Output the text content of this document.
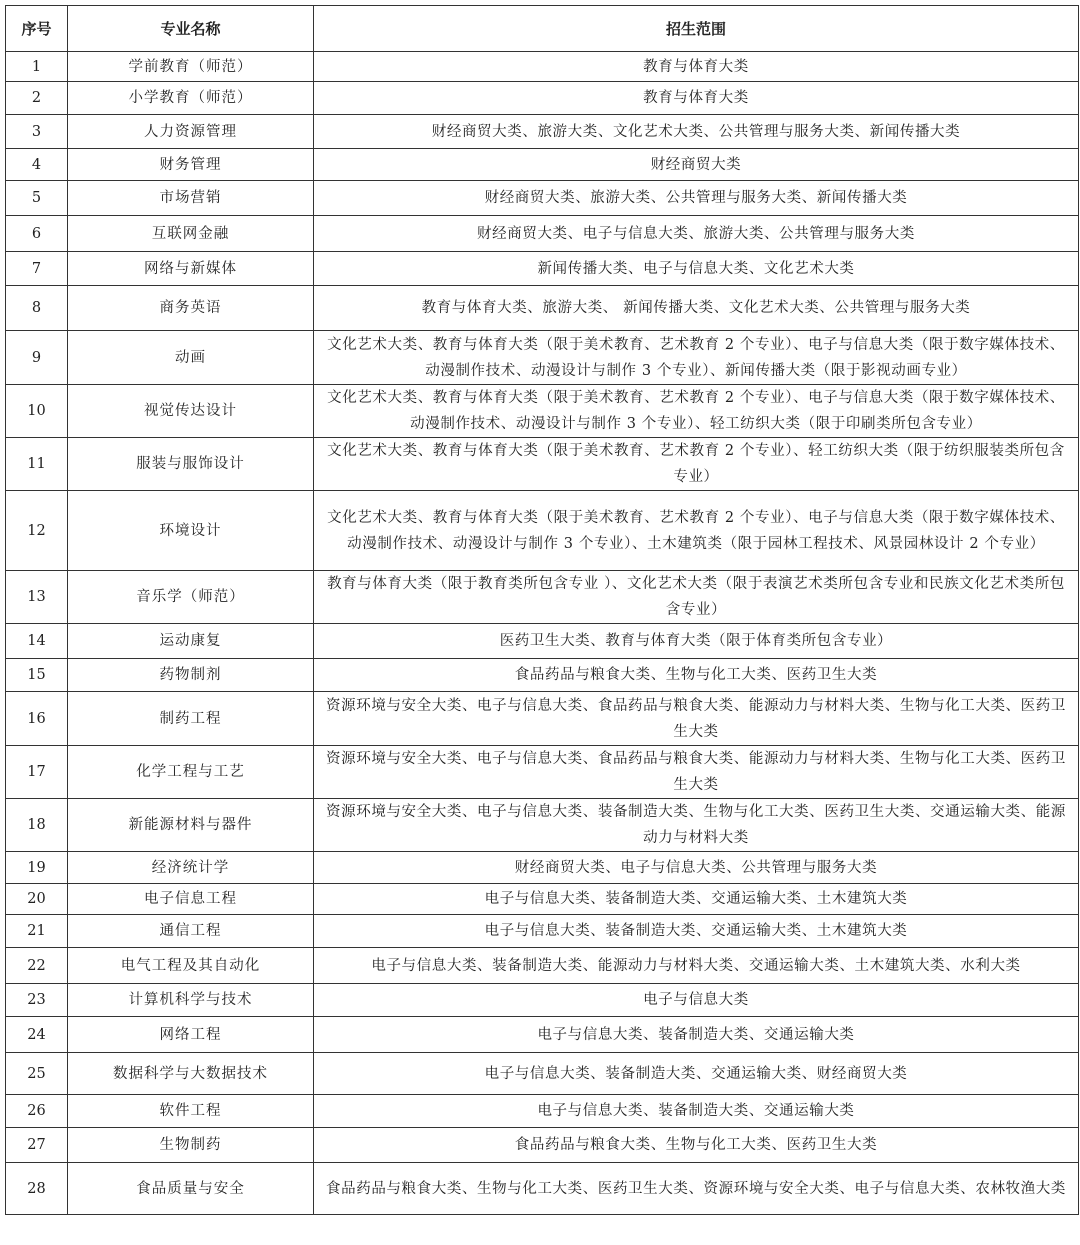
序号	专业名称	招生范围
1	学前教育（师范）	教育与体育大类
2	小学教育（师范）	教育与体育大类
3	人力资源管理	财经商贸大类、旅游大类、文化艺术大类、公共管理与服务大类、新闻传播大类
4	财务管理	财经商贸大类
5	市场营销	财经商贸大类、旅游大类、公共管理与服务大类、新闻传播大类
6	互联网金融	财经商贸大类、电子与信息大类、旅游大类、公共管理与服务大类
7	网络与新媒体	新闻传播大类、电子与信息大类、文化艺术大类
8	商务英语	教育与体育大类、旅游大类、 新闻传播大类、文化艺术大类、公共管理与服务大类
9	动画	文化艺术大类、教育与体育大类（限于美术教育、艺术教育 2 个专业）、电子与信息大类（限于数字媒体技术、动漫制作技术、动漫设计与制作 3 个专业）、新闻传播大类（限于影视动画专业）
10	视觉传达设计	文化艺术大类、教育与体育大类（限于美术教育、艺术教育 2 个专业）、电子与信息大类（限于数字媒体技术、动漫制作技术、动漫设计与制作 3 个专业）、轻工纺织大类（限于印刷类所包含专业）
11	服装与服饰设计	文化艺术大类、教育与体育大类（限于美术教育、艺术教育 2 个专业）、轻工纺织大类（限于纺织服装类所包含专业）
12	环境设计	文化艺术大类、教育与体育大类（限于美术教育、艺术教育 2 个专业）、电子与信息大类（限于数字媒体技术、动漫制作技术、动漫设计与制作 3 个专业）、土木建筑类（限于园林工程技术、风景园林设计 2 个专业）
13	音乐学（师范）	教育与体育大类（限于教育类所包含专业 ）、文化艺术大类（限于表演艺术类所包含专业和民族文化艺术类所包含专业）
14	运动康复	医药卫生大类、教育与体育大类（限于体育类所包含专业）
15	药物制剂	食品药品与粮食大类、生物与化工大类、医药卫生大类
16	制药工程	资源环境与安全大类、电子与信息大类、食品药品与粮食大类、能源动力与材料大类、生物与化工大类、医药卫生大类
17	化学工程与工艺	资源环境与安全大类、电子与信息大类、食品药品与粮食大类、能源动力与材料大类、生物与化工大类、医药卫生大类
18	新能源材料与器件	资源环境与安全大类、电子与信息大类、装备制造大类、生物与化工大类、医药卫生大类、交通运输大类、能源动力与材料大类
19	经济统计学	财经商贸大类、电子与信息大类、公共管理与服务大类
20	电子信息工程	电子与信息大类、装备制造大类、交通运输大类、土木建筑大类
21	通信工程	电子与信息大类、装备制造大类、交通运输大类、土木建筑大类
22	电气工程及其自动化	电子与信息大类、装备制造大类、能源动力与材料大类、交通运输大类、土木建筑大类、水利大类
23	计算机科学与技术	电子与信息大类
24	网络工程	电子与信息大类、装备制造大类、交通运输大类
25	数据科学与大数据技术	电子与信息大类、装备制造大类、交通运输大类、财经商贸大类
26	软件工程	电子与信息大类、装备制造大类、交通运输大类
27	生物制药	食品药品与粮食大类、生物与化工大类、医药卫生大类
28	食品质量与安全	食品药品与粮食大类、生物与化工大类、医药卫生大类、资源环境与安全大类、电子与信息大类、农林牧渔大类
